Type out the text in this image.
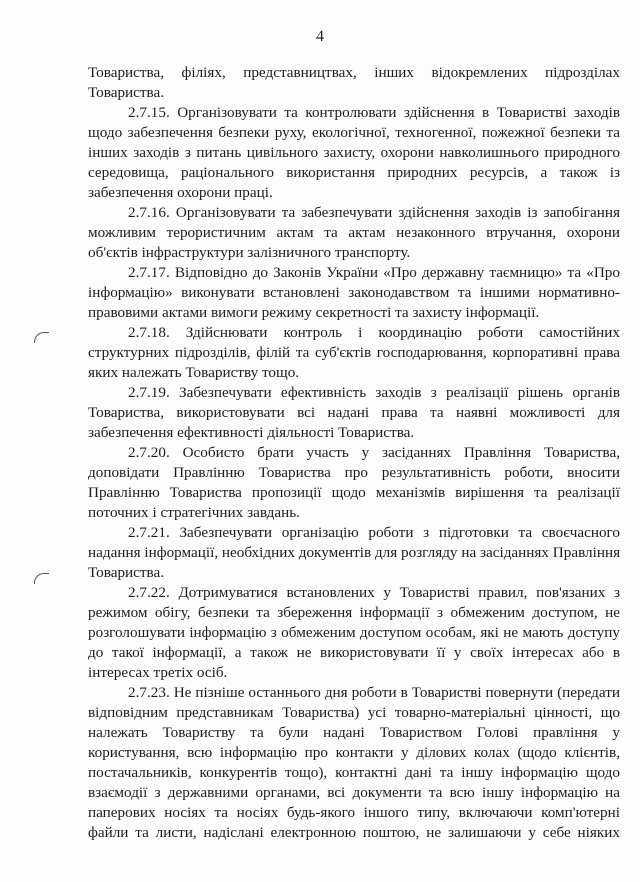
4
Товариства, філіях, представництвах, інших відокремлених підрозділах
Товариства.
2.7.15. Організовувати та контролювати здійснення в Товаристві заходів
щодо забезпечення безпеки руху, екологічної, техногенної, пожежної безпеки та
інших заходів з питань цивільного захисту, охорони навколишнього природного
середовища, раціонального використання природних ресурсів, а також із
забезпечення охорони праці.
2.7.16. Організовувати та забезпечувати здійснення заходів із запобігання
можливим терористичним актам та актам незаконного втручання, охорони
об'єктів інфраструктури залізничного транспорту.
2.7.17. Відповідно до Законів України «Про державну таємницю» та «Про
інформацію» виконувати встановлені законодавством та іншими нормативно-
правовими актами вимоги режиму секретності та захисту інформації.
2.7.18. Здійснювати контроль і координацію роботи самостійних
структурних підрозділів, філій та суб'єктів господарювання, корпоративні права
яких належать Товариству тощо.
2.7.19. Забезпечувати ефективність заходів з реалізації рішень органів
Товариства, використовувати всі надані права та наявні можливості для
забезпечення ефективності діяльності Товариства.
2.7.20. Особисто брати участь у засіданнях Правління Товариства,
доповідати Правлінню Товариства про результативність роботи, вносити
Правлінню Товариства пропозиції щодо механізмів вирішення та реалізації
поточних і стратегічних завдань.
2.7.21. Забезпечувати організацію роботи з підготовки та своєчасного
надання інформації, необхідних документів для розгляду на засіданнях Правління
Товариства.
2.7.22. Дотримуватися встановлених у Товаристві правил, пов'язаних з
режимом обігу, безпеки та збереження інформації з обмеженим доступом, не
розголошувати інформацію з обмеженим доступом особам, які не мають доступу
до такої інформації, а також не використовувати її у своїх інтересах або в
інтересах третіх осіб.
2.7.23. Не пізніше останнього дня роботи в Товаристві повернути (передати
відповідним представникам Товариства) усі товарно-матеріальні цінності, що
належать Товариству та були надані Товариством Голові правління у
користування, всю інформацію про контакти у ділових колах (щодо клієнтів,
постачальників, конкурентів тощо), контактні дані та іншу інформацію щодо
взаємодії з державними органами, всі документи та всю іншу інформацію на
паперових носіях та носіях будь-якого іншого типу, включаючи комп'ютерні
файли та листи, надіслані електронною поштою, не залишаючи у себе ніяких
